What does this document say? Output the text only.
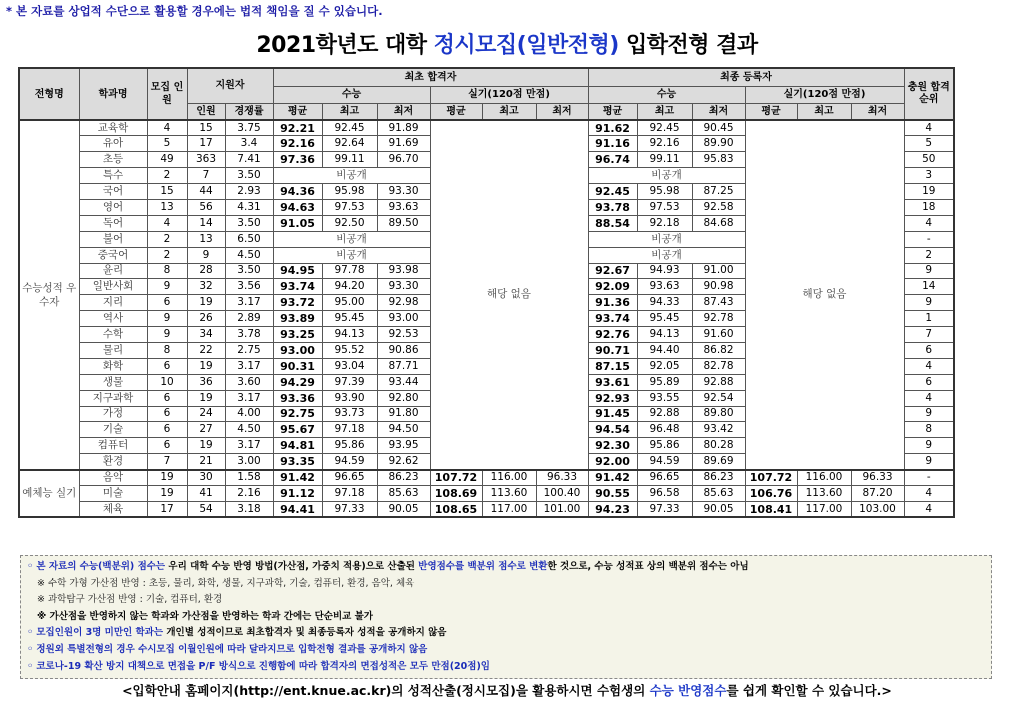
* 본 자료를 상업적 수단으로 활용할 경우에는 법적 책임을 질 수 있습니다.
2021학년도 대학 정시모집(일반전형) 입학전형 결과
전형명	학과명	모집 인원	지원자		최초 합격자						최종 등록자						충원 합격 순위
					수능			실기(120점 만점)			수능			실기(120점 만점)			
			인원	경쟁률	평균	최고	최저	평균	최고	최저	평균	최고	최저	평균	최고	최저	
수능성적 우수자	교육학	4	15	3.75	92.21	92.45	91.89	해당 없음			91.62	92.45	90.45	해당 없음			4
	유아	5	17	3.4	92.16	92.64	91.69				91.16	92.16	89.90				5
	초등	49	363	7.41	97.36	99.11	96.70				96.74	99.11	95.83				50
	특수	2	7	3.50	비공개						비공개						3
	국어	15	44	2.93	94.36	95.98	93.30				92.45	95.98	87.25				19
	영어	13	56	4.31	94.63	97.53	93.63				93.78	97.53	92.58				18
	독어	4	14	3.50	91.05	92.50	89.50				88.54	92.18	84.68				4
	불어	2	13	6.50	비공개						비공개						-
	중국어	2	9	4.50	비공개						비공개						2
	윤리	8	28	3.50	94.95	97.78	93.98				92.67	94.93	91.00				9
	일반사회	9	32	3.56	93.74	94.20	93.30				92.09	93.63	90.98				14
	지리	6	19	3.17	93.72	95.00	92.98				91.36	94.33	87.43				9
	역사	9	26	2.89	93.89	95.45	93.00				93.74	95.45	92.78				1
	수학	9	34	3.78	93.25	94.13	92.53				92.76	94.13	91.60				7
	물리	8	22	2.75	93.00	95.52	90.86				90.71	94.40	86.82				6
	화학	6	19	3.17	90.31	93.04	87.71				87.15	92.05	82.78				4
	생물	10	36	3.60	94.29	97.39	93.44				93.61	95.89	92.88				6
	지구과학	6	19	3.17	93.36	93.90	92.80				92.93	93.55	92.54				4
	가정	6	24	4.00	92.75	93.73	91.80				91.45	92.88	89.80				9
	기술	6	27	4.50	95.67	97.18	94.50				94.54	96.48	93.42				8
	컴퓨터	6	19	3.17	94.81	95.86	93.95				92.30	95.86	80.28				9
	환경	7	21	3.00	93.35	94.59	92.62				92.00	94.59	89.69				9
예체능 실기	음악	19	30	1.58	91.42	96.65	86.23	107.72	116.00	96.33	91.42	96.65	86.23	107.72	116.00	96.33	-
	미술	19	41	2.16	91.12	97.18	85.63	108.69	113.60	100.40	90.55	96.58	85.63	106.76	113.60	87.20	4
	체육	17	54	3.18	94.41	97.33	90.05	108.65	117.00	101.00	94.23	97.33	90.05	108.41	117.00	103.00	4
◦ 본 자료의 수능(백분위) 점수는 우리 대학 수능 반영 방법(가산점, 가중치 적용)으로 산출된 반영점수를 백분위 점수로 변환한 것으로, 수능 성적표 상의 백분위 점수는 아님
※ 수학 가형 가산점 반영 : 초등, 물리, 화학, 생물, 지구과학, 기술, 컴퓨터, 환경, 음악, 체육
※ 과학탐구 가산점 반영 : 기술, 컴퓨터, 환경
※ 가산점을 반영하지 않는 학과와 가산점을 반영하는 학과 간에는 단순비교 불가
◦ 모집인원이 3명 미만인 학과는 개인별 성적이므로 최초합격자 및 최종등록자 성적을 공개하지 않음
◦ 정원외 특별전형의 경우 수시모집 이월인원에 따라 달라지므로 입학전형 결과를 공개하지 않음
◦ 코로나-19 확산 방지 대책으로 면접을 P/F 방식으로 진행함에 따라 합격자의 면접성적은 모두 만점(20점)임
<입학안내 홈페이지(http://ent.knue.ac.kr)의 성적산출(정시모집)을 활용하시면 수험생의 수능 반영점수를 쉽게 확인할 수 있습니다.>
